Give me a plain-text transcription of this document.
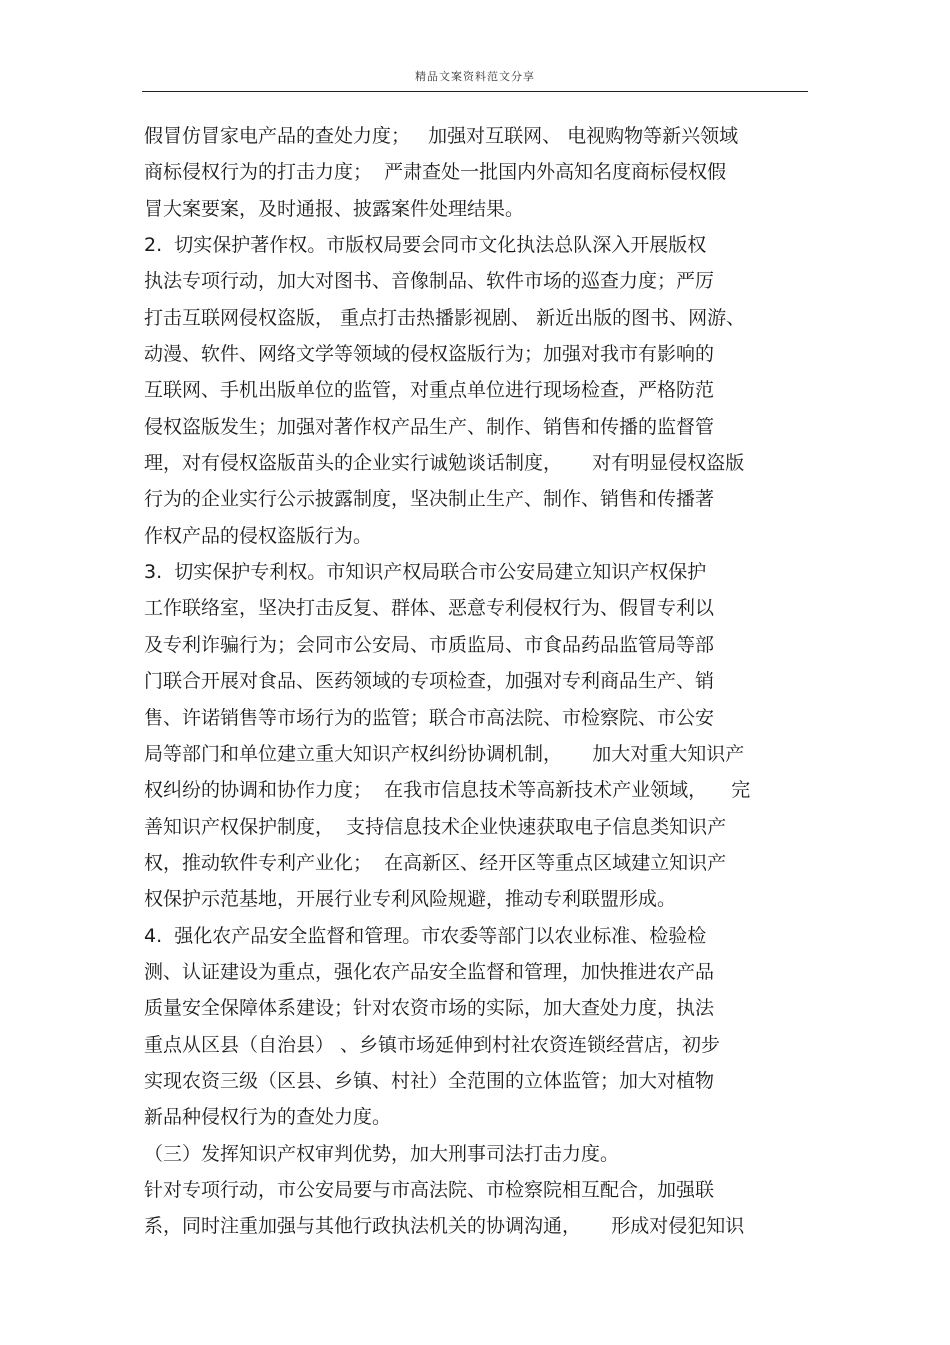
精品文案资料范文分享
假冒仿冒家电产品的查处力度；   加强对互联网、 电视购物等新兴领域
商标侵权行为的打击力度；  严肃查处一批国内外高知名度商标侵权假
冒大案要案，及时通报、披露案件处理结果。
2.  切实保护著作权。市版权局要会同市文化执法总队深入开展版权
执法专项行动，加大对图书、音像制品、软件市场的巡查力度；严厉
打击互联网侵权盗版， 重点打击热播影视剧、 新近出版的图书、网游、
动漫、软件、网络文学等领域的侵权盗版行为；加强对我市有影响的
互联网、手机出版单位的监管，对重点单位进行现场检查，严格防范
侵权盗版发生；加强对著作权产品生产、制作、销售和传播的监督管
理，对有侵权盗版苗头的企业实行诚勉谈话制度，     对有明显侵权盗版
行为的企业实行公示披露制度，坚决制止生产、制作、销售和传播著
作权产品的侵权盗版行为。
3.  切实保护专利权。市知识产权局联合市公安局建立知识产权保护
工作联络室，坚决打击反复、群体、恶意专利侵权行为、假冒专利以
及专利诈骗行为；会同市公安局、市质监局、市食品药品监管局等部
门联合开展对食品、医药领域的专项检查，加强对专利商品生产、销
售、许诺销售等市场行为的监管；联合市高法院、市检察院、市公安
局等部门和单位建立重大知识产权纠纷协调机制，     加大对重大知识产
权纠纷的协调和协作力度；  在我市信息技术等高新技术产业领域，    完
善知识产权保护制度，  支持信息技术企业快速获取电子信息类知识产
权，推动软件专利产业化；  在高新区、经开区等重点区域建立知识产
权保护示范基地，开展行业专利风险规避，推动专利联盟形成。
4.  强化农产品安全监督和管理。市农委等部门以农业标准、检验检
测、认证建设为重点，强化农产品安全监督和管理，加快推进农产品
质量安全保障体系建设；针对农资市场的实际，加大查处力度，执法
重点从区县（自治县） 、乡镇市场延伸到村社农资连锁经营店，初步
实现农资三级（区县、乡镇、村社）全范围的立体监管；加大对植物
新品种侵权行为的查处力度。
（三）发挥知识产权审判优势，加大刑事司法打击力度。
针对专项行动，市公安局要与市高法院、市检察院相互配合，加强联
系，同时注重加强与其他行政执法机关的协调沟通，     形成对侵犯知识
